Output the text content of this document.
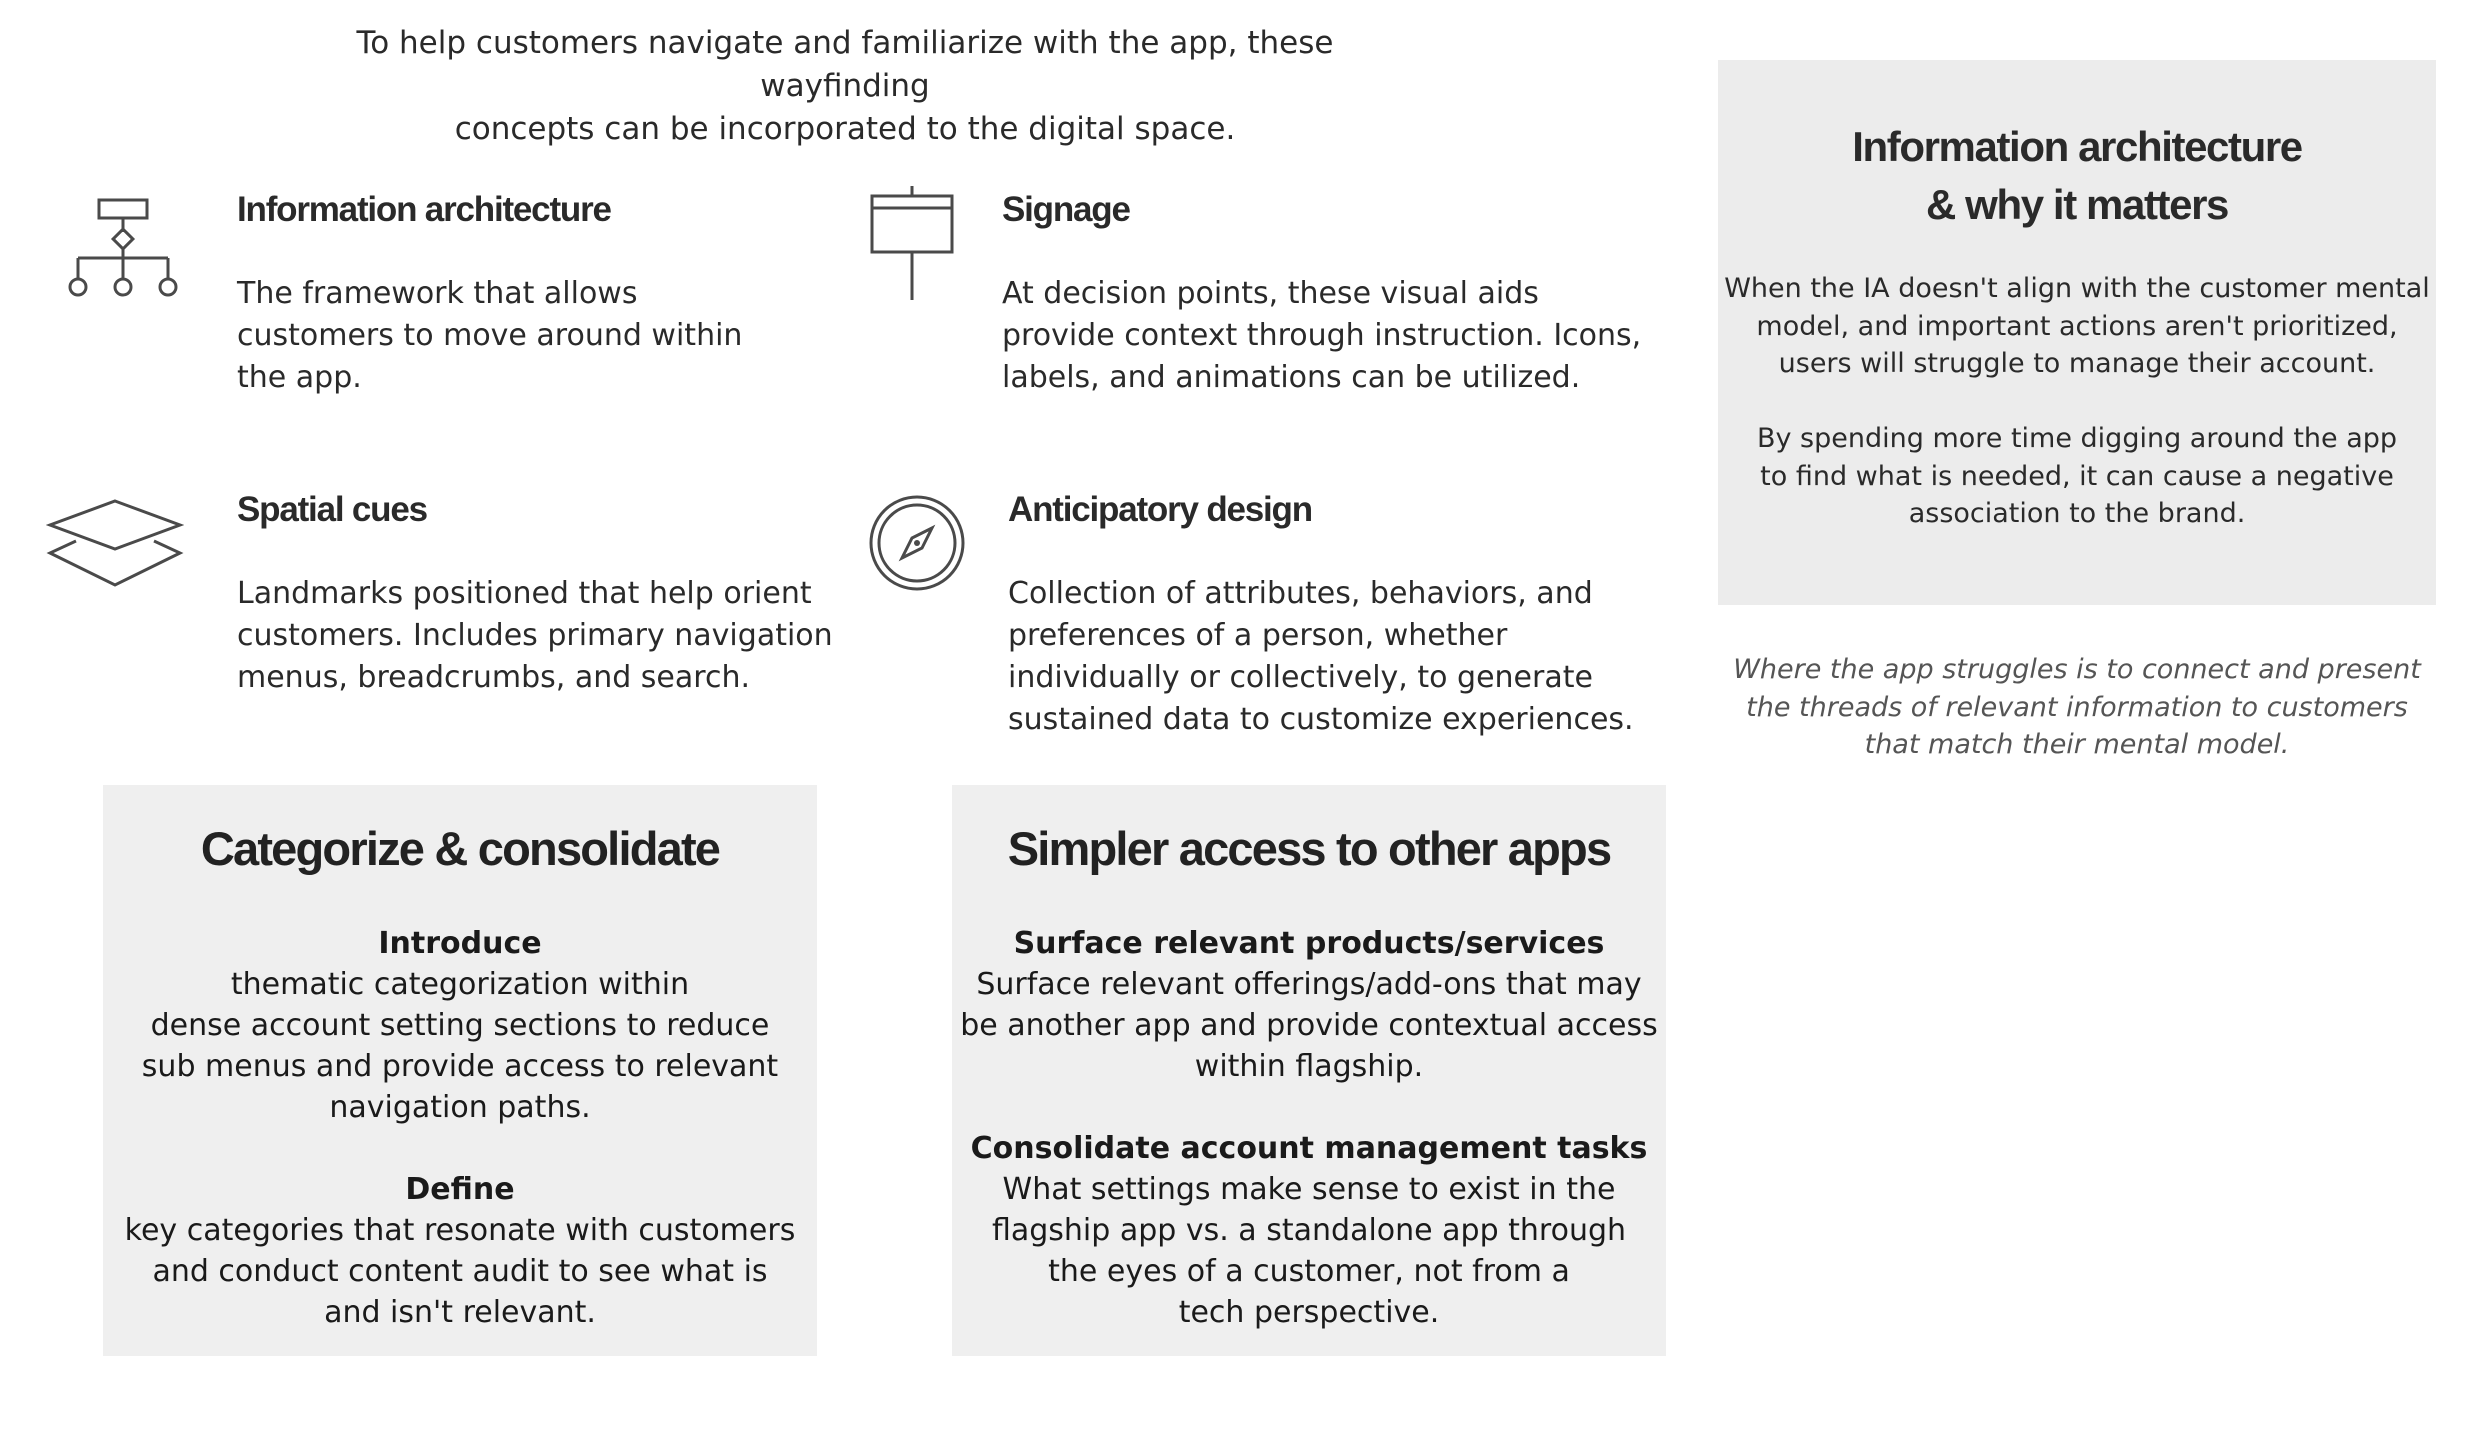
To help customers navigate and familiarize with the app, these wayfinding
concepts can be incorporated to the digital space.
Information architecture
The framework that allows
customers to move around within
the app.
Signage
At decision points, these visual aids
provide context through instruction. Icons,
labels, and animations can be utilized.
Spatial cues
Landmarks positioned that help orient
customers. Includes primary navigation
menus, breadcrumbs, and search.
Anticipatory design
Collection of attributes, behaviors, and
preferences of a person, whether
individually or collectively, to generate
sustained data to customize experiences.
Categorize & consolidate
Introduce
thematic categorization within
dense account setting sections to reduce
sub menus and provide access to relevant
navigation paths.
Define
key categories that resonate with customers
and conduct content audit to see what is
and isn't relevant.
Simpler access to other apps
Surface relevant products/services
Surface relevant offerings/add-ons that may
be another app and provide contextual access
within flagship.
Consolidate account management tasks
What settings make sense to exist in the
flagship app vs. a standalone app through
the eyes of a customer, not from a
tech perspective.
Information architecture
& why it matters
When the IA doesn't align with the customer mental
model, and important actions aren't prioritized,
users will struggle to manage their account.
By spending more time digging around the app
to find what is needed, it can cause a negative
association to the brand.
Where the app struggles is to connect and present
the threads of relevant information to customers
that match their mental model.
